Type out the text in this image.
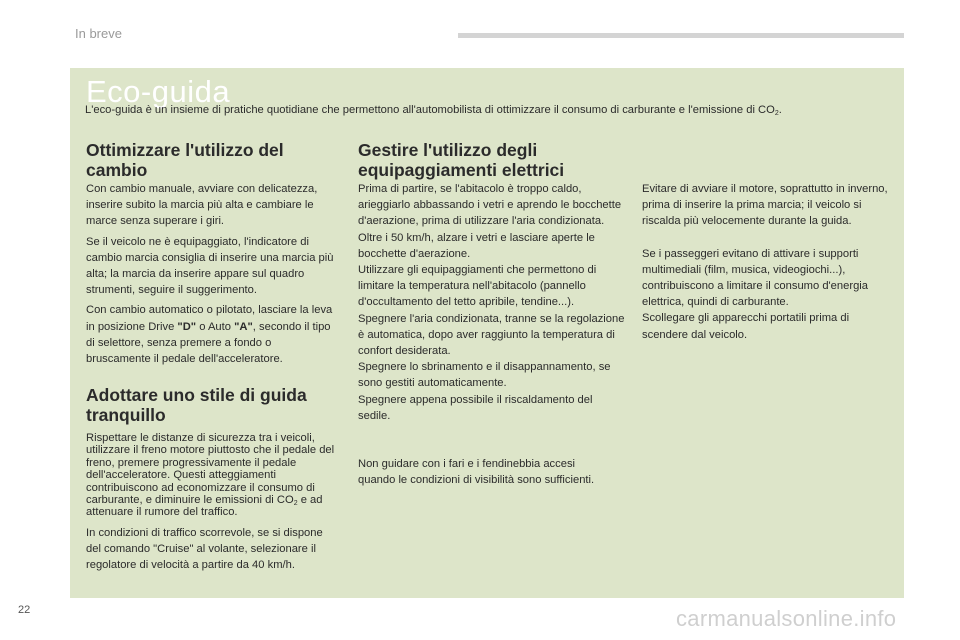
In breve
Eco-guida
L'eco-guida è un insieme di pratiche quotidiane che permettono all'automobilista di ottimizzare il consumo di carburante e l'emissione di $CO_2$.
Ottimizzare l'utilizzo del cambio

Con cambio manuale, avviare con delicatezza, inserire subito la marcia più alta e cambiare le marce senza superare i giri.

Se il veicolo ne è equipaggiato, l'indicatore di cambio marcia consiglia di inserire una marcia più alta; la marcia da inserire appare sul quadro strumenti, seguire il suggerimento.

Con cambio automatico o pilotato, lasciare la leva in posizione Drive "D" o Auto "A", secondo il tipo di selettore, senza premere a fondo o bruscamente il pedale dell'acceleratore.

Adottare uno stile di guida tranquillo

Rispettare le distanze di sicurezza tra i veicoli, utilizzare il freno motore piuttosto che il pedale del freno, premere progressivamente il pedale dell'acceleratore. Questi atteggiamenti contribuiscono ad economizzare il consumo di carburante, e diminuire le emissioni di $CO_2$ e ad attenuare il rumore del traffico.

In condizioni di traffico scorrevole, se si dispone del comando "Cruise" al volante, selezionare il regolatore di velocità a partire da 40 km/h.

Gestire l'utilizzo degli equipaggiamenti elettrici
Prima di partire, se l'abitacolo è troppo caldo, arieggiarlo abbassando i vetri e aprendo le bocchette d'aerazione, prima di utilizzare l'aria condizionata.
Oltre i 50 km/h, alzare i vetri e lasciare aperte le bocchette d'aerazione.
Utilizzare gli equipaggiamenti che permettono di limitare la temperatura nell'abitacolo (pannello d'occultamento del tetto apribile, tendine...).
Spegnere l'aria condizionata, tranne se la regolazione è automatica, dopo aver raggiunto la temperatura di confort desiderata.
Spegnere lo sbrinamento e il disappannamento, se sono gestiti automaticamente.
Spegnere appena possibile il riscaldamento del sedile.
Non guidare con i fari e i fendinebbia accesi quando le condizioni di visibilità sono sufficienti.
Evitare di avviare il motore, soprattutto in inverno, prima di inserire la prima marcia; il veicolo si riscalda più velocemente durante la guida.
Se i passeggeri evitano di attivare i supporti multimediali (film, musica, videogiochi...), contribuiscono a limitare il consumo d'energia elettrica, quindi di carburante.
Scollegare gli apparecchi portatili prima di scendere dal veicolo.
22	carmanualsonline.info
